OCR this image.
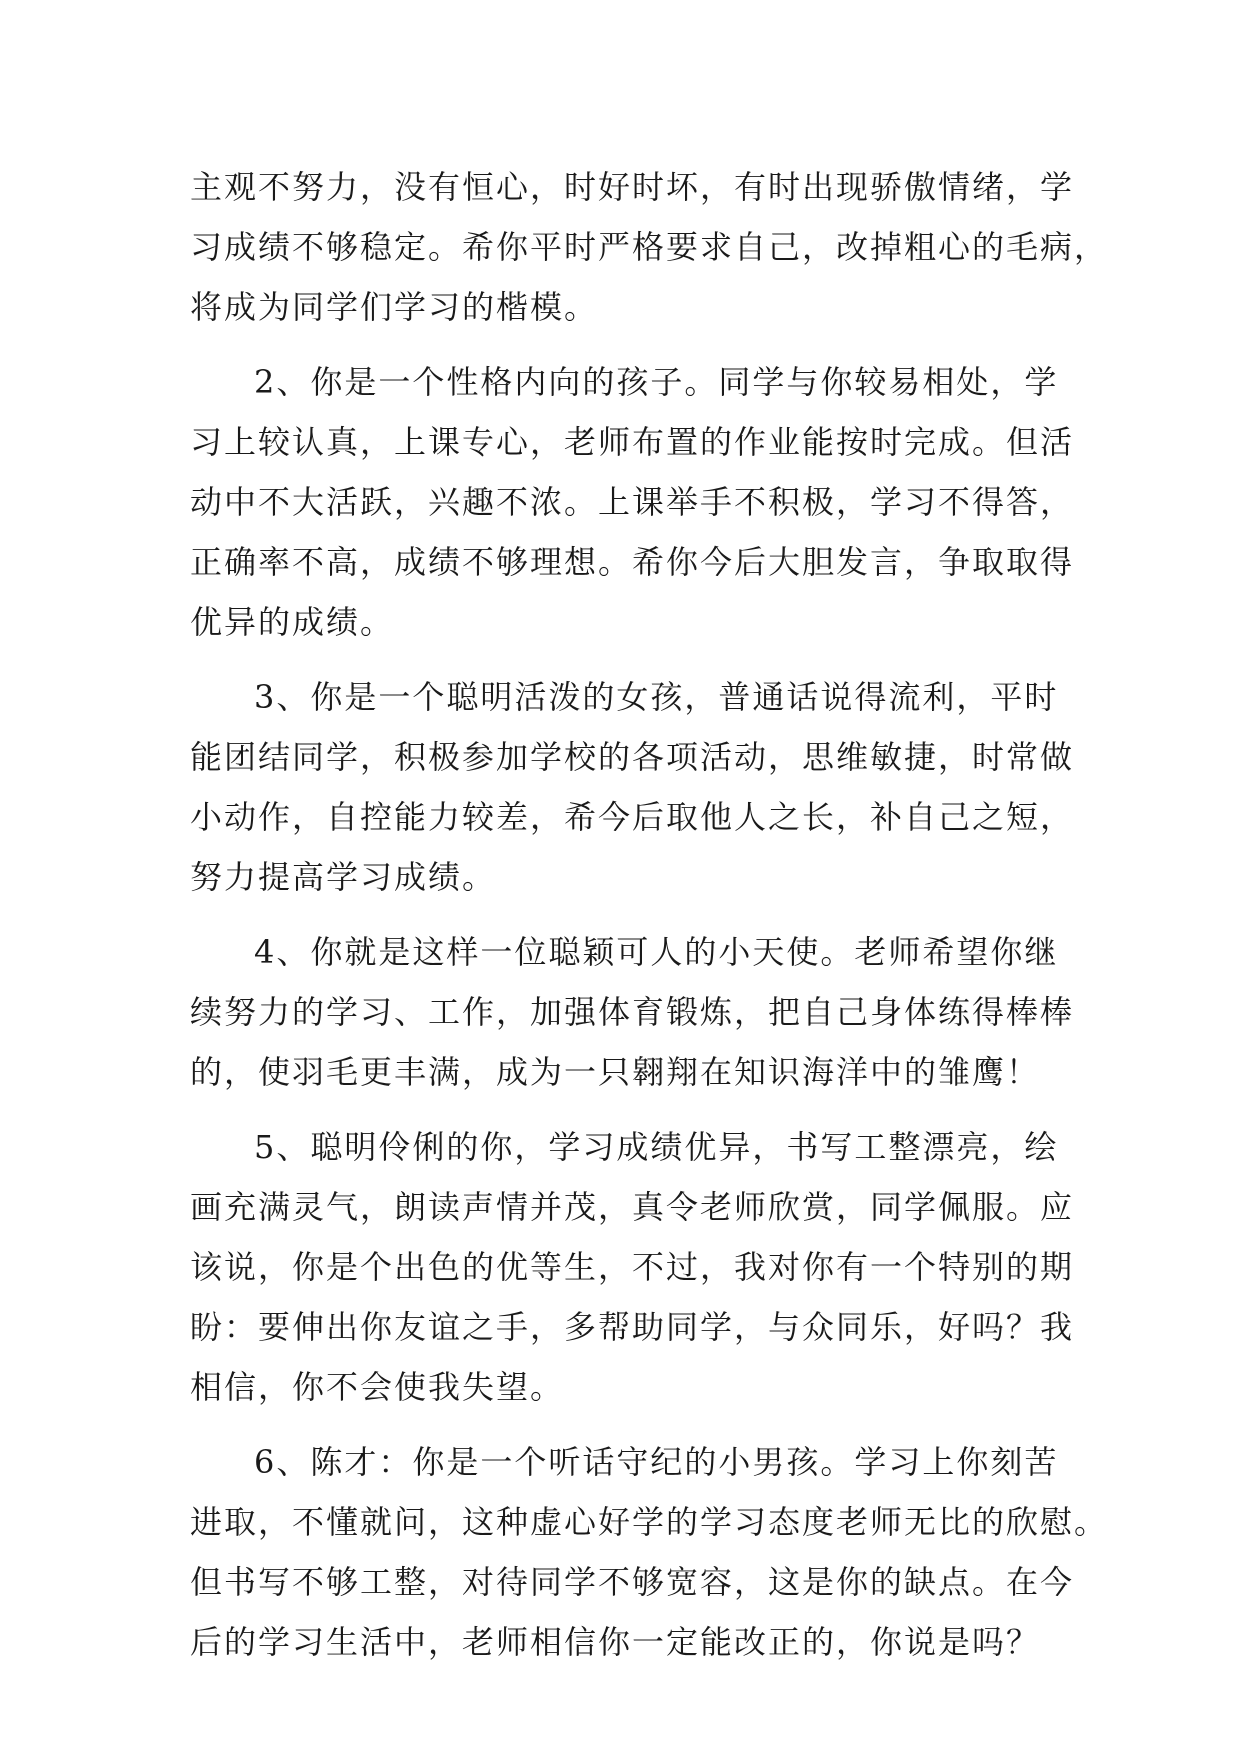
主观不努力，没有恒心，时好时坏，有时出现骄傲情绪，学
习成绩不够稳定。希你平时严格要求自己，改掉粗心的毛病，
将成为同学们学习的楷模。
2、你是一个性格内向的孩子。同学与你较易相处，学
习上较认真，上课专心，老师布置的作业能按时完成。但活
动中不大活跃，兴趣不浓。上课举手不积极，学习不得答，
正确率不高，成绩不够理想。希你今后大胆发言，争取取得
优异的成绩。
3、你是一个聪明活泼的女孩，普通话说得流利，平时
能团结同学，积极参加学校的各项活动，思维敏捷，时常做
小动作，自控能力较差，希今后取他人之长，补自己之短，
努力提高学习成绩。
4、你就是这样一位聪颖可人的小天使。老师希望你继
续努力的学习、工作，加强体育锻炼，把自己身体练得棒棒
的，使羽毛更丰满，成为一只翱翔在知识海洋中的雏鹰！
5、聪明伶俐的你，学习成绩优异，书写工整漂亮，绘
画充满灵气，朗读声情并茂，真令老师欣赏，同学佩服。应
该说，你是个出色的优等生，不过，我对你有一个特别的期
盼：要伸出你友谊之手，多帮助同学，与众同乐，好吗？我
相信，你不会使我失望。
6、陈才：你是一个听话守纪的小男孩。学习上你刻苦
进取，不懂就问，这种虚心好学的学习态度老师无比的欣慰。
但书写不够工整，对待同学不够宽容，这是你的缺点。在今
后的学习生活中，老师相信你一定能改正的，你说是吗？
